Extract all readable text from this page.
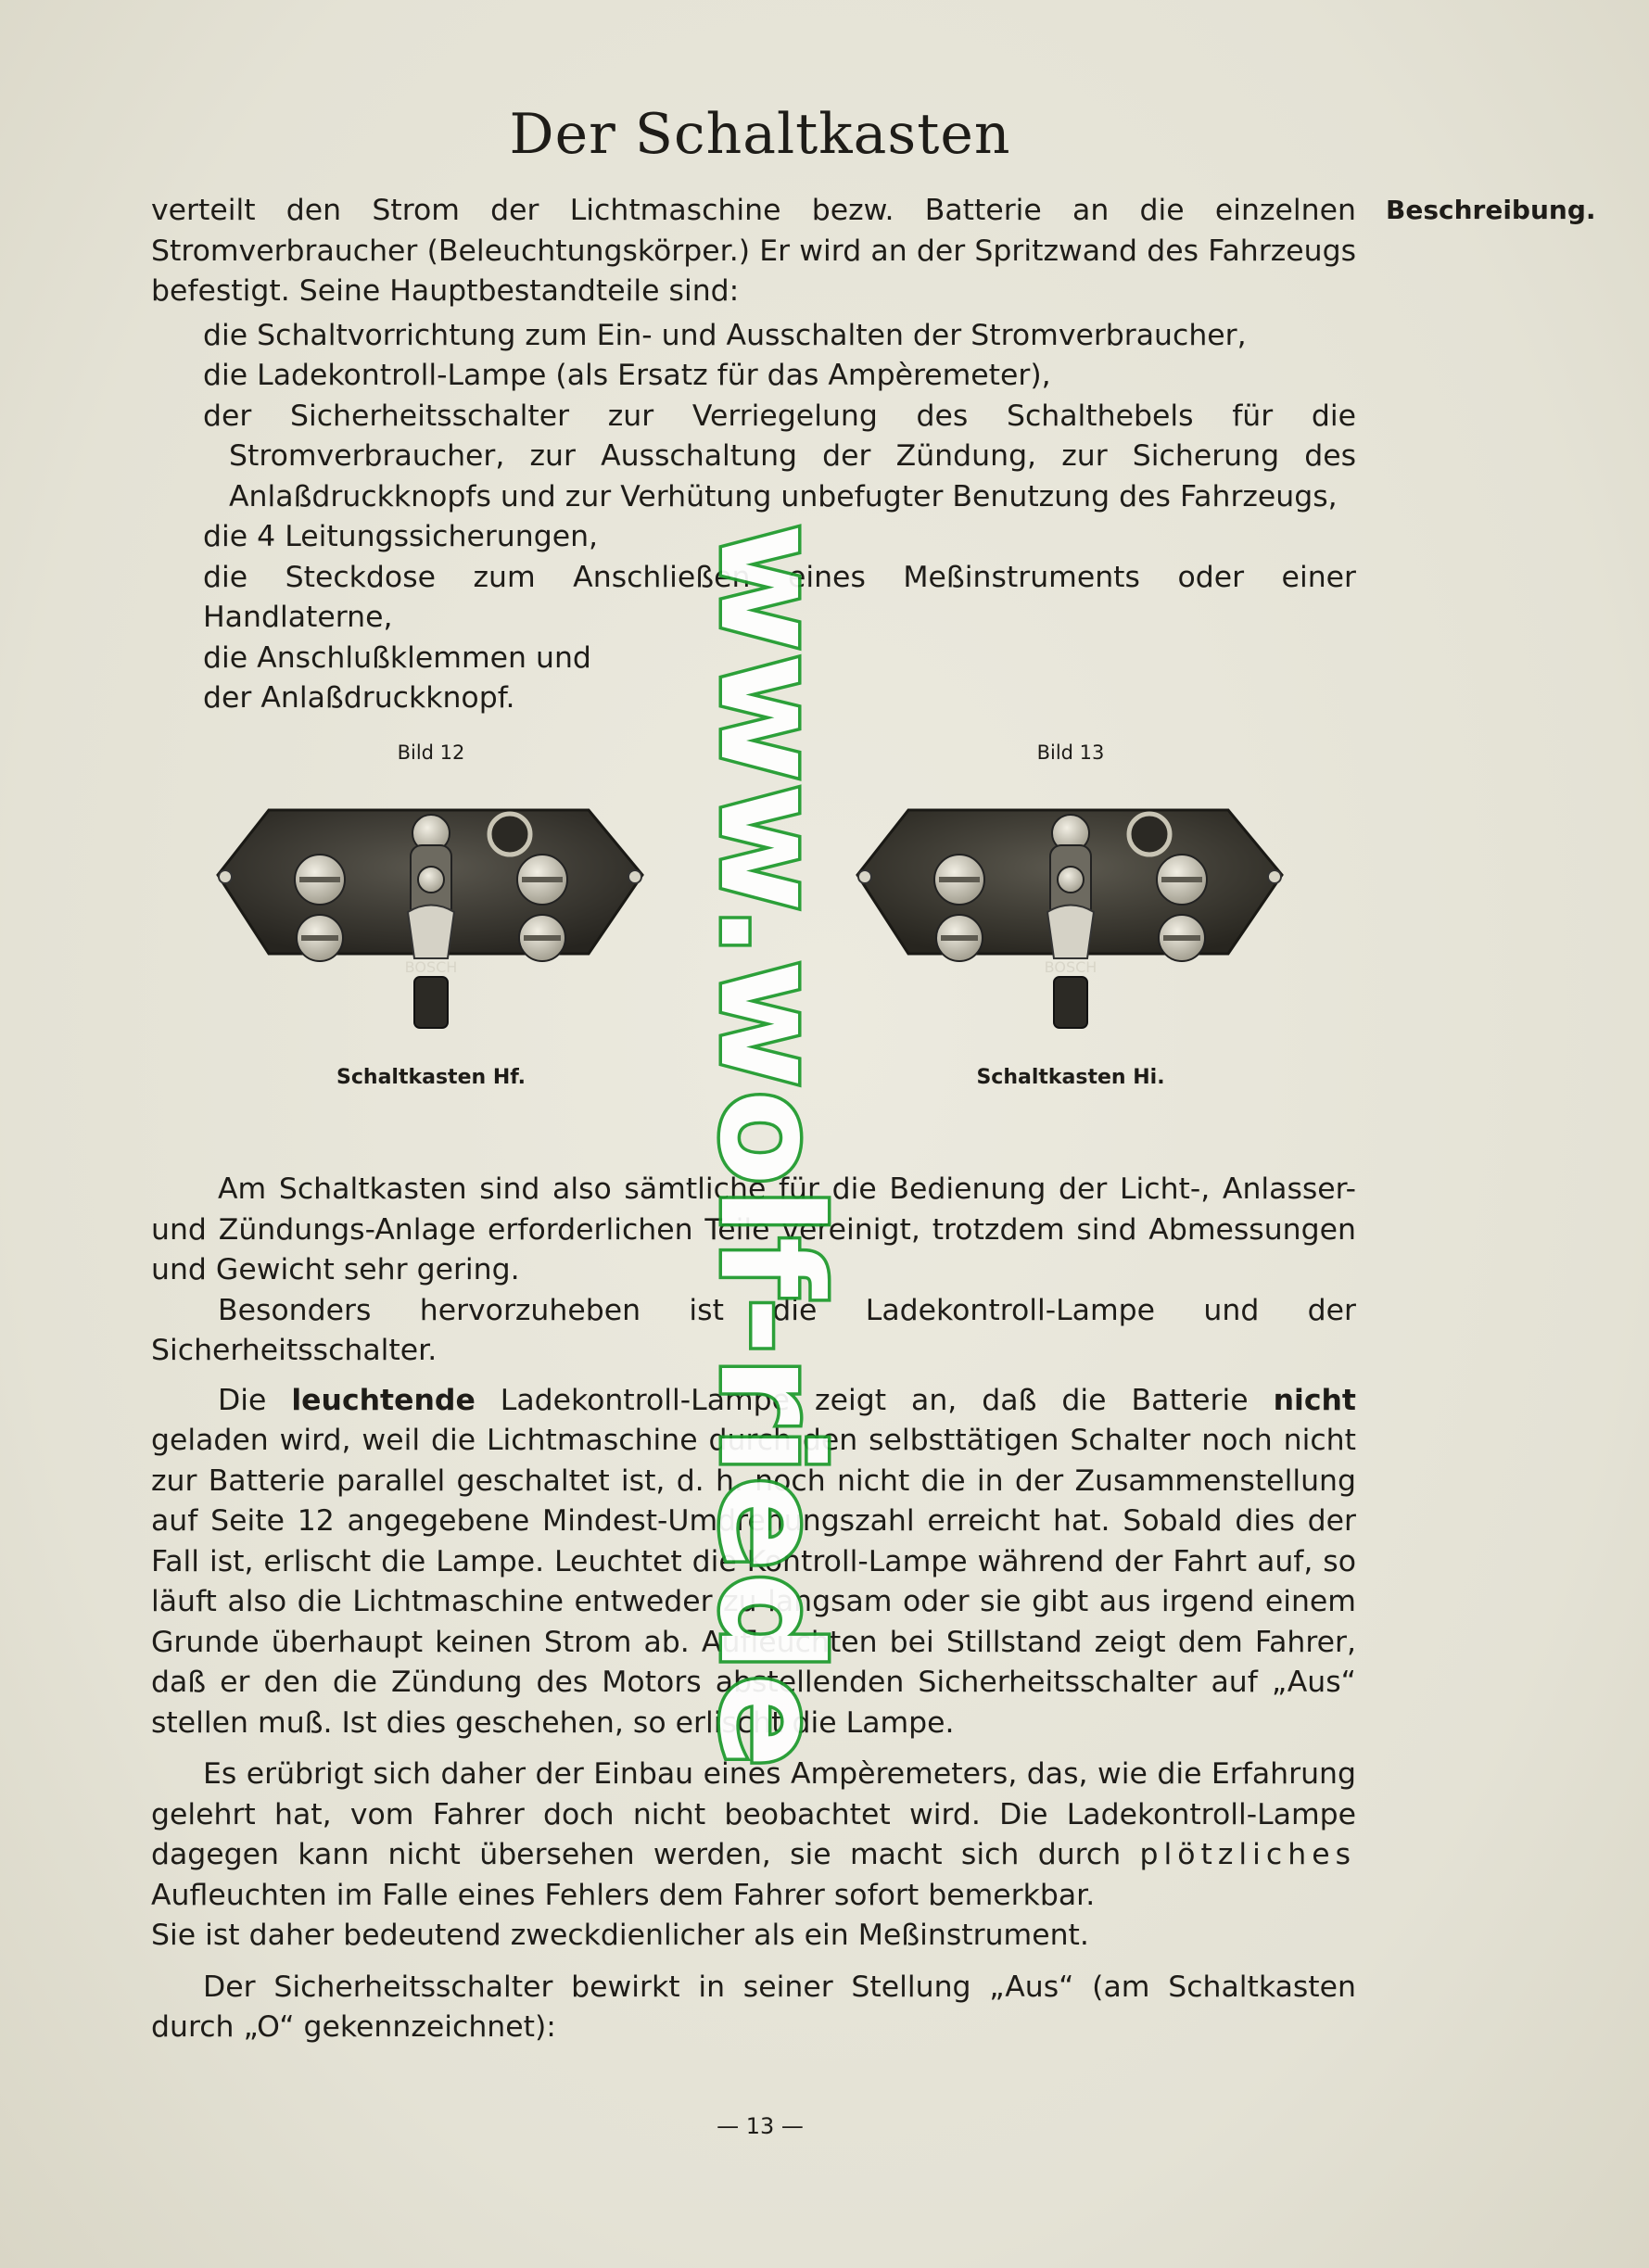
Der Schaltkasten
Beschreibung.

verteilt den Strom der Lichtmaschine bezw. Batterie an die einzelnen Stromverbraucher (Beleuchtungskörper.) Er wird an der Spritzwand des Fahrzeugs befestigt. Seine Hauptbestandteile sind:

die Schaltvorrichtung zum Ein- und Ausschalten der Stromverbraucher,
die Ladekontroll-Lampe (als Ersatz für das Ampèremeter),
der Sicherheitsschalter zur Verriegelung des Schalthebels für die Stromverbraucher, zur Ausschaltung der Zündung, zur Sicherung des Anlaßdruckknopfs und zur Verhütung unbefugter Benutzung des Fahrzeugs,
die 4 Leitungssicherungen,
die Steckdose zum Anschließen eines Meßinstruments oder einer Handlaterne,
die Anschlußklemmen und
der Anlaßdruckknopf.
Bild 12
BOSCH
Schaltkasten Hf.
Bild 13
BOSCH
Schaltkasten Hi.

Am Schaltkasten sind also sämtliche für die Bedienung der Licht-, Anlasser- und Zündungs-Anlage erforderlichen Teile vereinigt, trotzdem sind Abmessungen und Gewicht sehr gering.

Besonders hervorzuheben ist die Ladekontroll-Lampe und der Sicherheitsschalter.

Die leuchtende Ladekontroll-Lampe zeigt an, daß die Batterie nicht geladen wird, weil die Lichtmaschine durch den selbsttätigen Schalter noch nicht zur Batterie parallel geschaltet ist, d. h. noch nicht die in der Zusammenstellung auf Seite 12 angegebene Mindest-Umdrehungszahl erreicht hat. Sobald dies der Fall ist, erlischt die Lampe. Leuchtet die Kontroll-Lampe während der Fahrt auf, so läuft also die Lichtmaschine entweder zu langsam oder sie gibt aus irgend einem Grunde überhaupt keinen Strom ab. Aufleuchten bei Stillstand zeigt dem Fahrer, daß er den die Zündung des Motors abstellenden Sicherheitsschalter auf „Aus“ stellen muß. Ist dies geschehen, so erlischt die Lampe.

Es erübrigt sich daher der Einbau eines Ampèremeters, das, wie die Erfahrung gelehrt hat, vom Fahrer doch nicht beobachtet wird. Die Ladekontroll-Lampe dagegen kann nicht übersehen werden, sie macht sich durch plötzliches Aufleuchten im Falle eines Fehlers dem Fahrer sofort bemerkbar.

Sie ist daher bedeutend zweckdienlicher als ein Meßinstrument.

Der Sicherheitsschalter bewirkt in seiner Stellung „Aus“ (am Schaltkasten durch „O“ gekennzeichnet):

— 13 —
www.wolf-riede
